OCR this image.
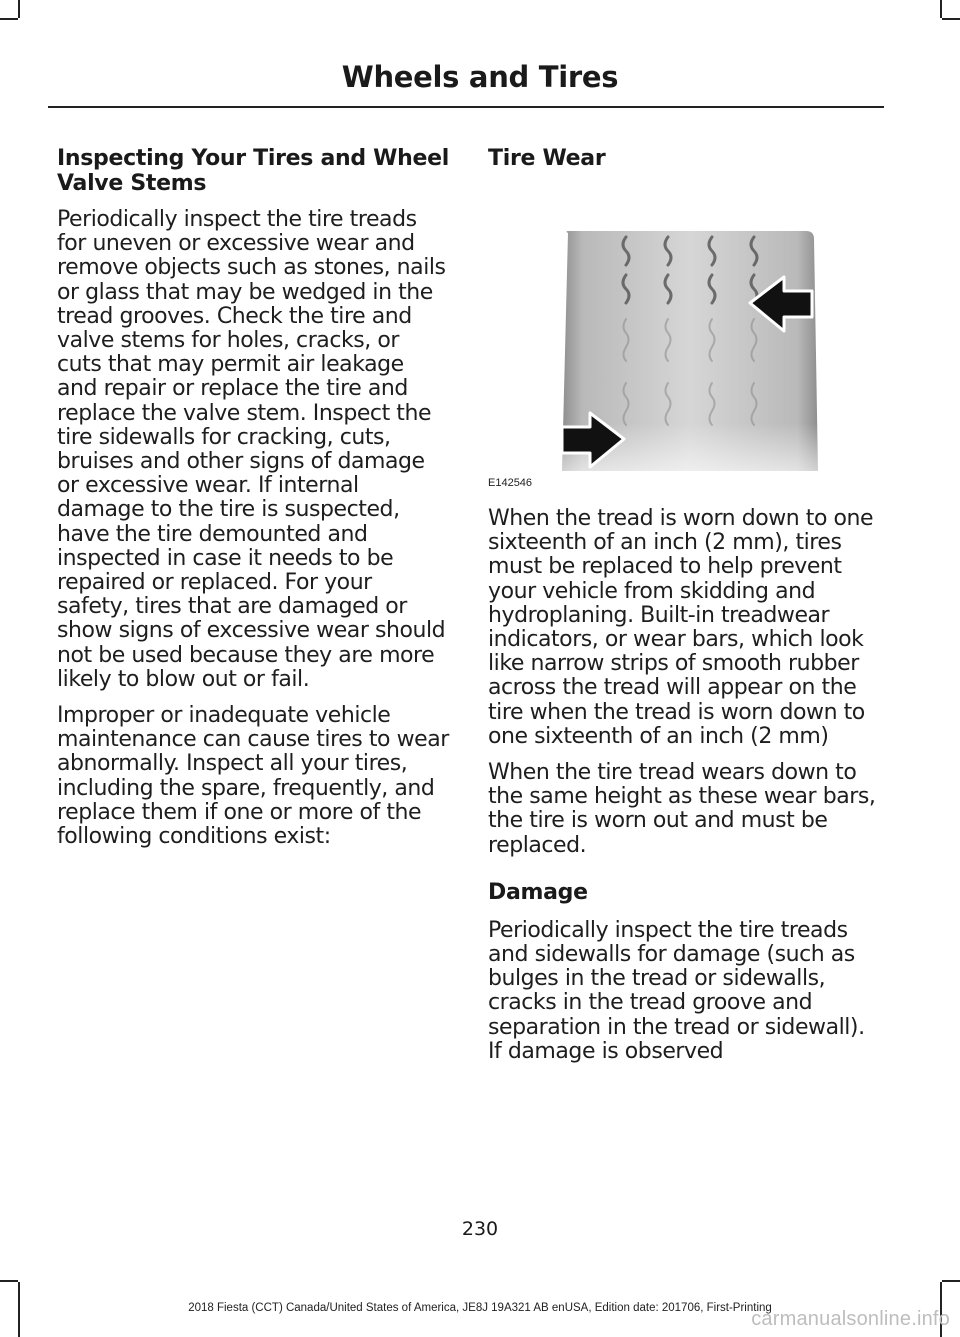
Wheels and Tires
Inspecting Your Tires and Wheel Valve Stems

Periodically inspect the tire treads for uneven or excessive wear and remove objects such as stones, nails or glass that may be wedged in the tread grooves. Check the tire and valve stems for holes, cracks, or cuts that may permit air leakage and repair or replace the tire and replace the valve stem. Inspect the tire sidewalls for cracking, cuts, bruises and other signs of damage or excessive wear. If internal damage to the tire is suspected, have the tire demounted and inspected in case it needs to be repaired or replaced. For your safety, tires that are damaged or show signs of excessive wear should not be used because they are more likely to blow out or fail.

Improper or inadequate vehicle maintenance can cause tires to wear abnormally. Inspect all your tires, including the spare, frequently, and replace them if one or more of the following conditions exist:

Tire Wear
E142546

When the tread is worn down to one sixteenth of an inch (2 mm), tires must be replaced to help prevent your vehicle from skidding and hydroplaning. Built-in treadwear indicators, or wear bars, which look like narrow strips of smooth rubber across the tread will appear on the tire when the tread is worn down to one sixteenth of an inch (2 mm)

When the tire tread wears down to the same height as these wear bars, the tire is worn out and must be replaced.

Damage

Periodically inspect the tire treads and sidewalls for damage (such as bulges in the tread or sidewalls, cracks in the tread groove and separation in the tread or sidewall). If damage is observed

230
2018 Fiesta (CCT) Canada/United States of America, JE8J 19A321 AB enUSA, Edition date: 201706, First-Printing
carmanualsonline.info
